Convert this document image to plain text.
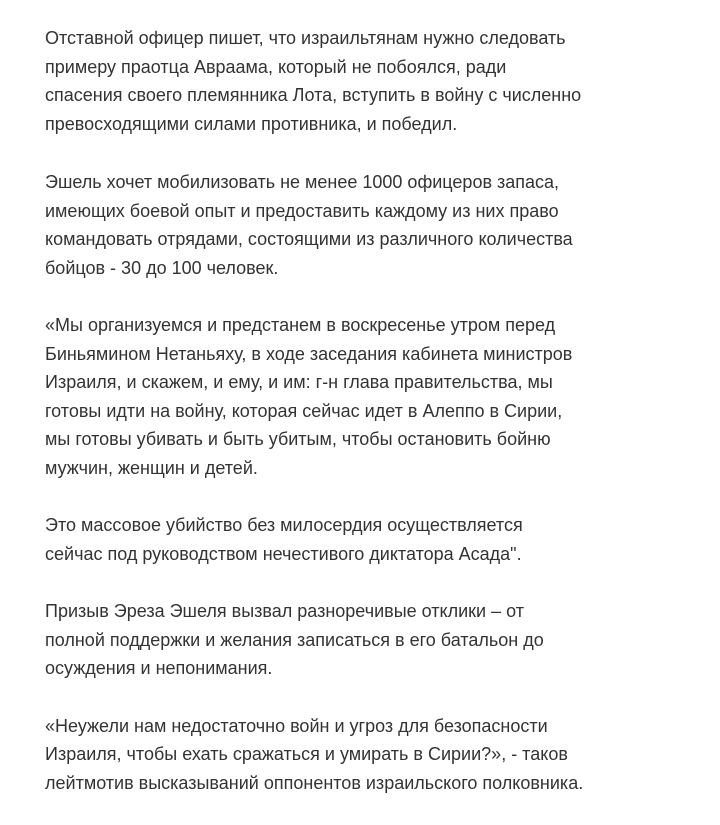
Отставной офицер пишет, что израильтянам нужно следовать
примеру праотца Авраама, который не побоялся, ради
спасения своего племянника Лота, вступить в войну с численно
превосходящими силами противника, и победил.

Эшель хочет мобилизовать не менее 1000 офицеров запаса,
имеющих боевой опыт и предоставить каждому из них право
командовать отрядами, состоящими из различного количества
бойцов - 30 до 100 человек.

«Мы организуемся и предстанем в воскресенье утром перед
Биньямином Нетаньяху, в ходе заседания кабинета министров
Израиля, и скажем, и ему, и им: г-н глава правительства, мы
готовы идти на войну, которая сейчас идет в Алеппо в Сирии,
мы готовы убивать и быть убитым, чтобы остановить бойню
мужчин, женщин и детей.

Это массовое убийство без милосердия осуществляется
сейчас под руководством нечестивого диктатора Асада".

Призыв Эреза Эшеля вызвал разноречивые отклики – от
полной поддержки и желания записаться в его батальон до
осуждения и непонимания.

«Неужели нам недостаточно войн и угроз для безопасности
Израиля, чтобы ехать сражаться и умирать в Сирии?», - таков
лейтмотив высказываний оппонентов израильского полковника.
